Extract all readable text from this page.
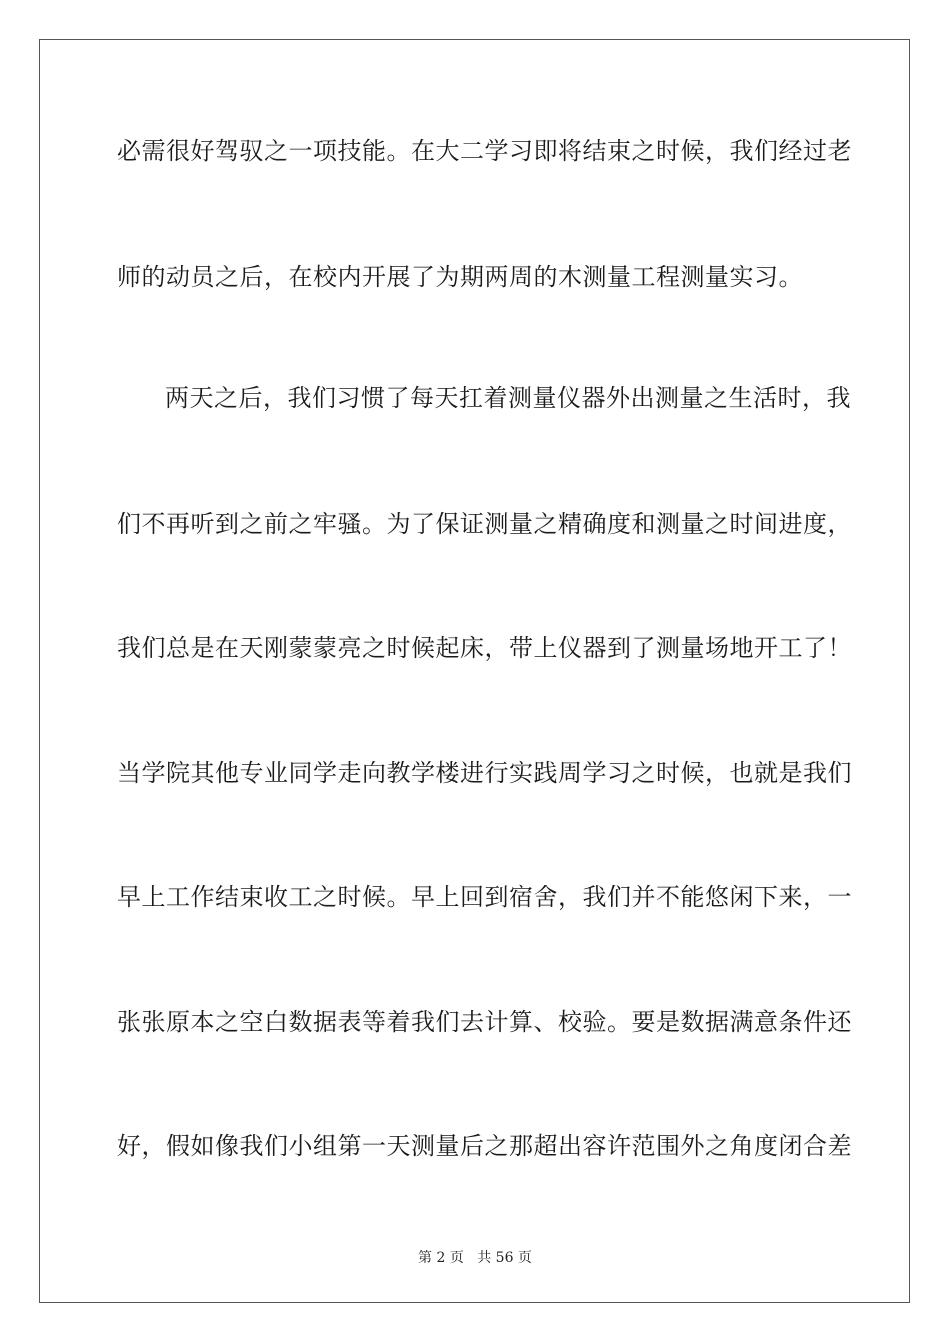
必需很好驾驭之一项技能。在大二学习即将结束之时候，我们经过老
师的动员之后，在校内开展了为期两周的木测量工程测量实习。
两天之后，我们习惯了每天扛着测量仪器外出测量之生活时，我
们不再听到之前之牢骚。为了保证测量之精确度和测量之时间进度，
我们总是在天刚蒙蒙亮之时候起床，带上仪器到了测量场地开工了！
当学院其他专业同学走向教学楼进行实践周学习之时候，也就是我们
早上工作结束收工之时候。早上回到宿舍，我们并不能悠闲下来，一
张张原本之空白数据表等着我们去计算、校验。要是数据满意条件还
好，假如像我们小组第一天测量后之那超出容许范围外之角度闭合差
第 2 页 共 56 页
